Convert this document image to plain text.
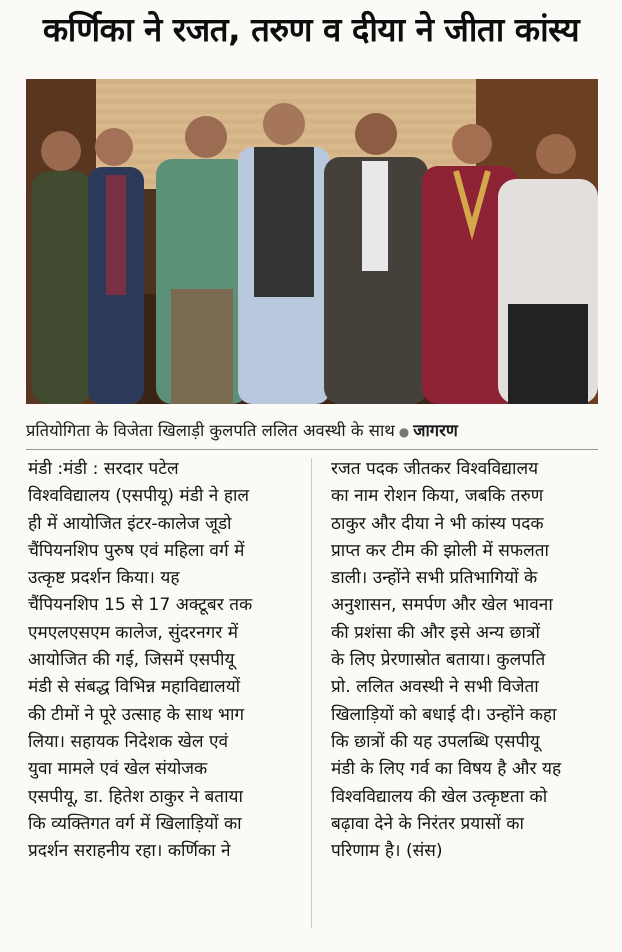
कर्णिका ने रजत, तरुण व दीया ने जीता कांस्य
प्रतियोगिता के विजेता खिलाड़ी कुलपति ललित अवस्थी के साथ ● जागरण
मंडी :मंडी : सरदार पटेल
विश्वविद्यालय (एसपीयू) मंडी ने हाल
ही में आयोजित इंटर-कालेज जूडो
चैंपियनशिप पुरुष एवं महिला वर्ग में
उत्कृष्ट प्रदर्शन किया। यह
चैंपियनशिप 15 से 17 अक्टूबर तक
एमएलएसएम कालेज, सुंदरनगर में
आयोजित की गई, जिसमें एसपीयू
मंडी से संबद्ध विभिन्न महाविद्यालयों
की टीमों ने पूरे उत्साह के साथ भाग
लिया। सहायक निदेशक खेल एवं
युवा मामले एवं खेल संयोजक
एसपीयू, डा. हितेश ठाकुर ने बताया
कि व्यक्तिगत वर्ग में खिलाड़ियों का
प्रदर्शन सराहनीय रहा। कर्णिका ने
रजत पदक जीतकर विश्वविद्यालय
का नाम रोशन किया, जबकि तरुण
ठाकुर और दीया ने भी कांस्य पदक
प्राप्त कर टीम की झोली में सफलता
डाली। उन्होंने सभी प्रतिभागियों के
अनुशासन, समर्पण और खेल भावना
की प्रशंसा की और इसे अन्य छात्रों
के लिए प्रेरणास्रोत बताया। कुलपति
प्रो. ललित अवस्थी ने सभी विजेता
खिलाड़ियों को बधाई दी। उन्होंने कहा
कि छात्रों की यह उपलब्धि एसपीयू
मंडी के लिए गर्व का विषय है और यह
विश्वविद्यालय की खेल उत्कृष्टता को
बढ़ावा देने के निरंतर प्रयासों का
परिणाम है। (संस)
